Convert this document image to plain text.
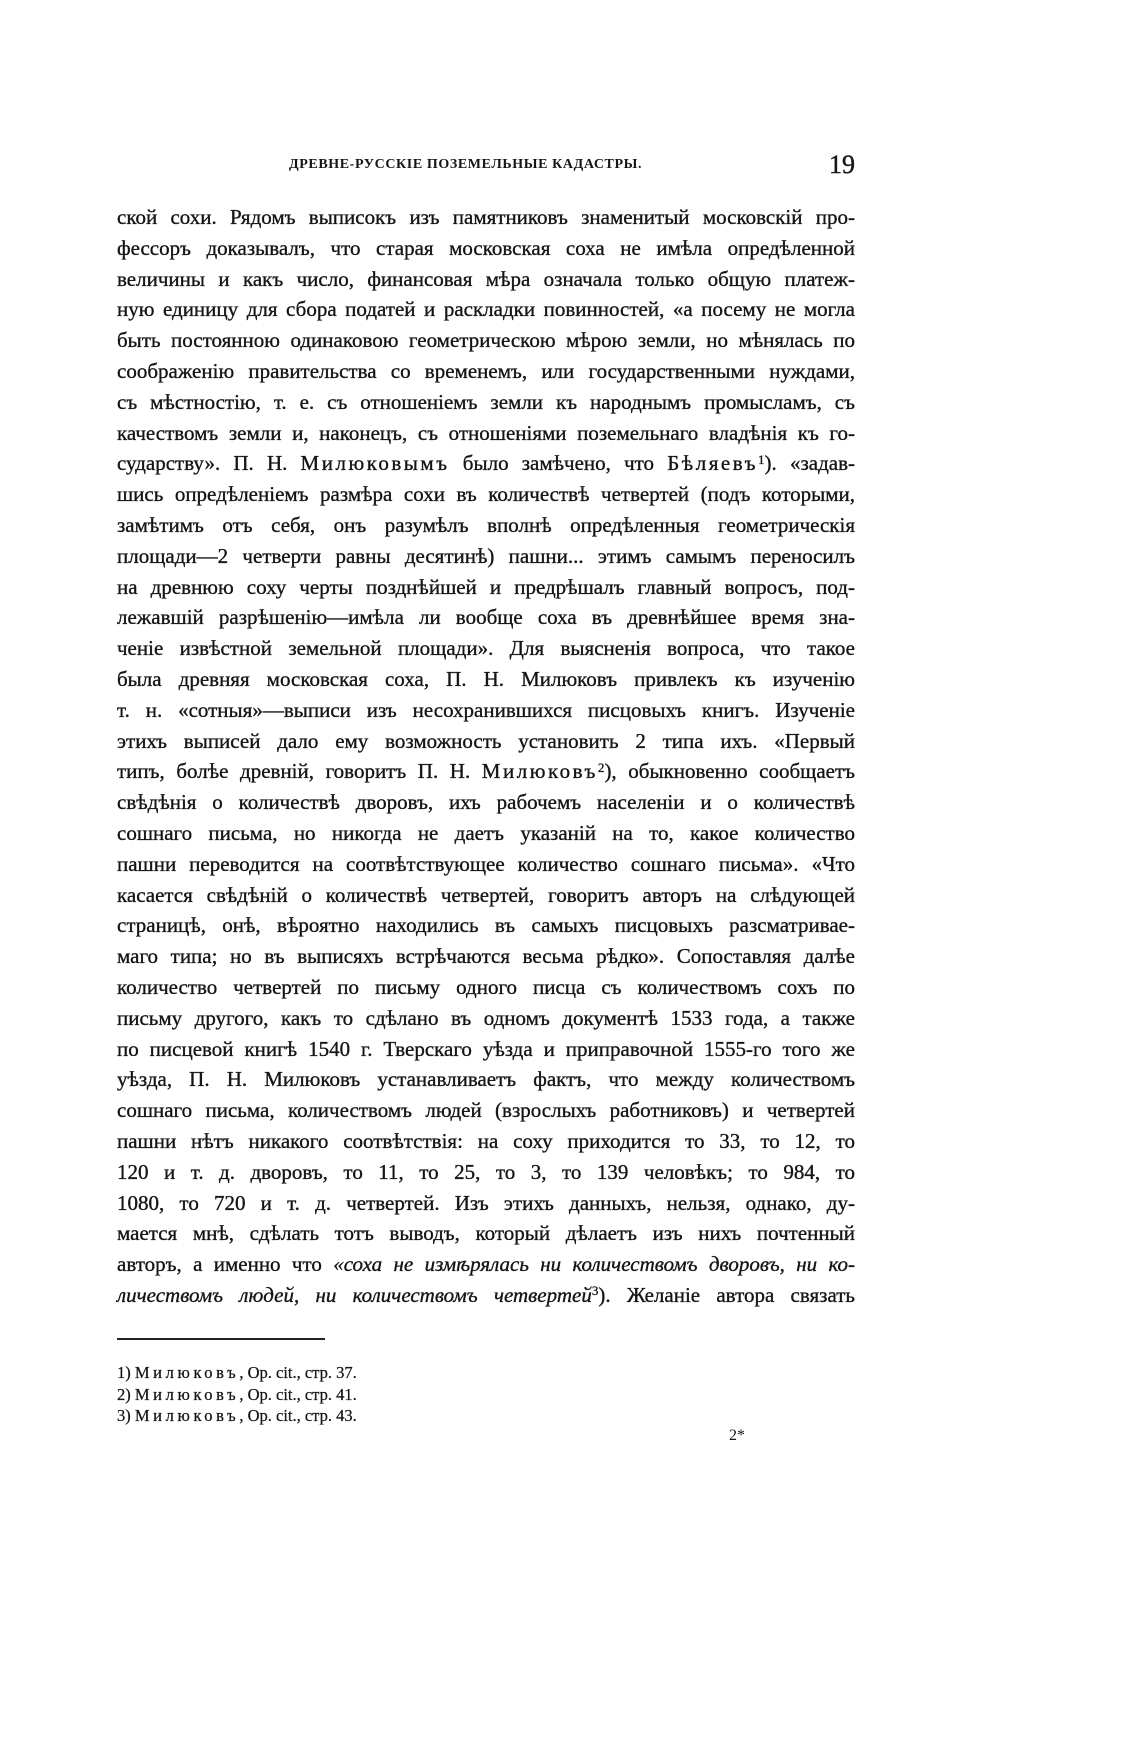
ДРЕВНЕ-РУССКІЕ ПОЗЕМЕЛЬНЫЕ КАДАСТРЫ.	19
ской сохи. Рядомъ выписокъ изъ памятниковъ знаменитый московскій про-
фессоръ доказывалъ, что старая московская соха не имѣла опредѣленной
величины и какъ число, финансовая мѣра означала только общую платеж-
ную единицу для сбора податей и раскладки повинностей, «а посему не могла
быть постоянною одинаковою геометрическою мѣрою земли, но мѣнялась по
соображенію правительства со временемъ, или государственными нуждами,
съ мѣстностію, т. е. съ отношеніемъ земли къ народнымъ промысламъ, съ
качествомъ земли и, наконецъ, съ отношеніями поземельнаго владѣнія къ го-
сударству». П. Н. Милюковымъ было замѣчено, что Бѣляевъ$^1$). «задав-
шись опредѣленіемъ размѣра сохи въ количествѣ четвертей (подъ которыми,
замѣтимъ отъ себя, онъ разумѣлъ вполнѣ опредѣленныя геометрическія
площади—2 четверти равны десятинѣ) пашни... этимъ самымъ переносилъ
на древнюю соху черты позднѣйшей и предрѣшалъ главный вопросъ, под-
лежавшій разрѣшенію—имѣла ли вообще соха въ древнѣйшее время зна-
ченіе извѣстной земельной площади». Для выясненія вопроса, что такое
была древняя московская соха, П. Н. Милюковъ привлекъ къ изученію
т. н. «сотныя»—выписи изъ несохранившихся писцовыхъ книгъ. Изученіе
этихъ выписей дало ему возможность установить 2 типа ихъ. «Первый
типъ, болѣе древній, говоритъ П. Н. Милюковъ$^2$), обыкновенно сообщаетъ
свѣдѣнія о количествѣ дворовъ, ихъ рабочемъ населеніи и о количествѣ
сошнаго письма, но никогда не даетъ указаній на то, какое количество
пашни переводится на соотвѣтствующее количество сошнаго письма». «Что
касается свѣдѣній о количествѣ четвертей, говоритъ авторъ на слѣдующей
страницѣ, онѣ, вѣроятно находились въ самыхъ писцовыхъ разсматривае-
маго типа; но въ выписяхъ встрѣчаются весьма рѣдко». Сопоставляя далѣе
количество четвертей по письму одного писца съ количествомъ сохъ по
письму другого, какъ то сдѣлано въ одномъ документѣ 1533 года, а также
по писцевой книгѣ 1540 г. Тверскаго уѣзда и приправочной 1555-го того же
уѣзда, П. Н. Милюковъ устанавливаетъ фактъ, что между количествомъ
сошнаго письма, количествомъ людей (взрослыхъ работниковъ) и четвертей
пашни нѣтъ никакого соотвѣтствія: на соху приходится то 33, то 12, то
120 и т. д. дворовъ, то 11, то 25, то 3, то 139 человѣкъ; то 984, то
1080, то 720 и т. д. четвертей. Изъ этихъ данныхъ, нельзя, однако, ду-
мается мнѣ, сдѣлать тотъ выводъ, который дѣлаетъ изъ нихъ почтенный
авторъ, а именно что «соха не измѣрялась ни количествомъ дворовъ, ни ко-
личествомъ людей, ни количествомъ четвертей$^3$). Желаніе автора связать
1) Милюковъ, Op. cit., стр. 37.
2) Милюковъ, Op. cit., стр. 41.
3) Милюковъ, Op. cit., стр. 43.
2*
